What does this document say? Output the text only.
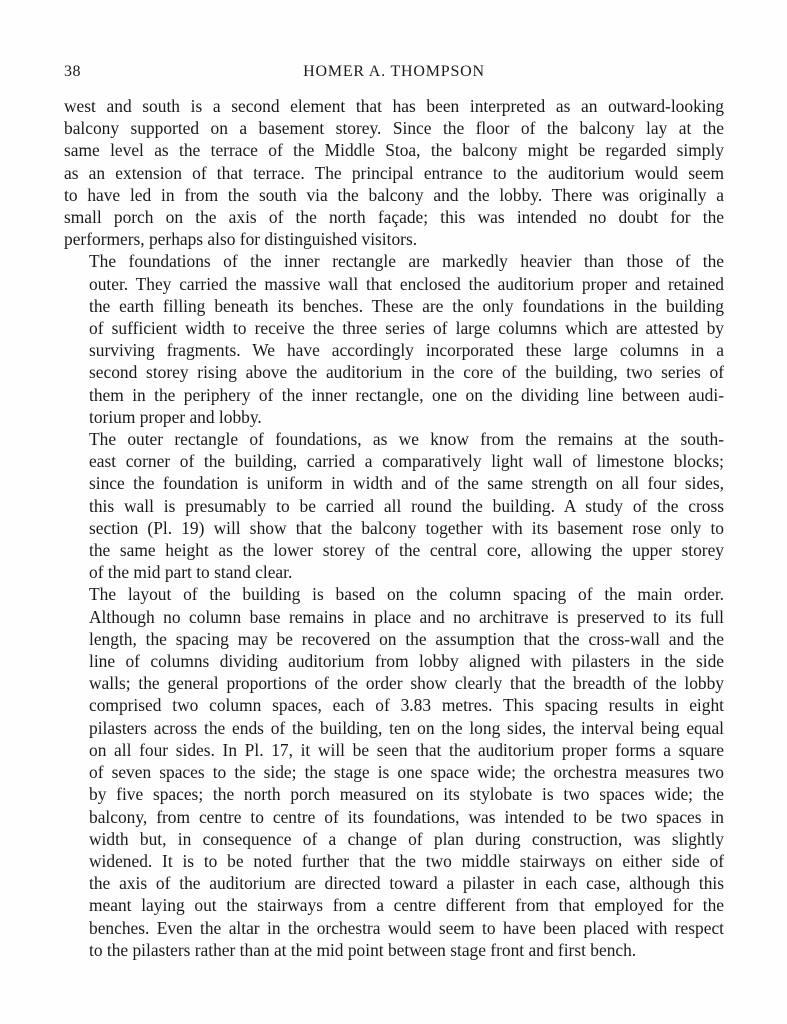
38	HOMER A. THOMPSON

west and south is a second element that has been interpreted as an outward-looking
balcony supported on a basement storey. Since the floor of the balcony lay at the
same level as the terrace of the Middle Stoa, the balcony might be regarded simply
as an extension of that terrace. The principal entrance to the auditorium would seem
to have led in from the south via the balcony and the lobby. There was originally a
small porch on the axis of the north façade; this was intended no doubt for the
performers, perhaps also for distinguished visitors.

The foundations of the inner rectangle are markedly heavier than those of the
outer. They carried the massive wall that enclosed the auditorium proper and retained
the earth filling beneath its benches. These are the only foundations in the building
of sufficient width to receive the three series of large columns which are attested by
surviving fragments. We have accordingly incorporated these large columns in a
second storey rising above the auditorium in the core of the building, two series of
them in the periphery of the inner rectangle, one on the dividing line between audi-
torium proper and lobby.

The outer rectangle of foundations, as we know from the remains at the south-
east corner of the building, carried a comparatively light wall of limestone blocks;
since the foundation is uniform in width and of the same strength on all four sides,
this wall is presumably to be carried all round the building. A study of the cross
section (Pl. 19) will show that the balcony together with its basement rose only to
the same height as the lower storey of the central core, allowing the upper storey
of the mid part to stand clear.

The layout of the building is based on the column spacing of the main order.
Although no column base remains in place and no architrave is preserved to its full
length, the spacing may be recovered on the assumption that the cross-wall and the
line of columns dividing auditorium from lobby aligned with pilasters in the side
walls; the general proportions of the order show clearly that the breadth of the lobby
comprised two column spaces, each of 3.83 metres. This spacing results in eight
pilasters across the ends of the building, ten on the long sides, the interval being equal
on all four sides. In Pl. 17, it will be seen that the auditorium proper forms a square
of seven spaces to the side; the stage is one space wide; the orchestra measures two
by five spaces; the north porch measured on its stylobate is two spaces wide; the
balcony, from centre to centre of its foundations, was intended to be two spaces in
width but, in consequence of a change of plan during construction, was slightly
widened. It is to be noted further that the two middle stairways on either side of
the axis of the auditorium are directed toward a pilaster in each case, although this
meant laying out the stairways from a centre different from that employed for the
benches. Even the altar in the orchestra would seem to have been placed with respect
to the pilasters rather than at the mid point between stage front and first bench.
